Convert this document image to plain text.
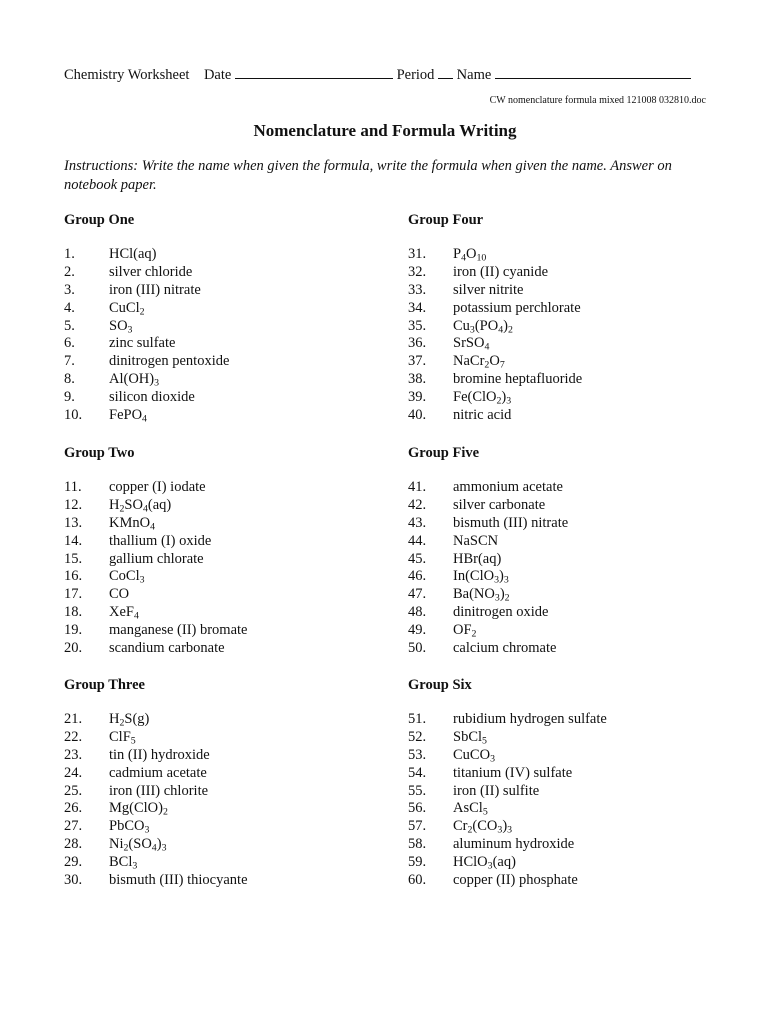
Chemistry Worksheet Date	Period Name
CW nomenclature formula mixed 121008 032810.doc
Nomenclature and Formula Writing
Instructions: Write the name when given the formula, write the formula when given the name. Answer on notebook paper.
Group One
1. HCl(aq)
2. silver chloride
3. iron (III) nitrate
4. CuCl$_2$
5. $SO_3$
6. zinc sulfate
7. dinitrogen pentoxide
8. $Al(OH)_3$
9. silicon dioxide
10. FePO$_4$
Group Two
11. copper (I) iodate
12. $H_2SO_4(aq)$
13. KMnO$_4$
14. thallium (I) oxide
15. gallium chlorate
16. CoCl$_3$
17. CO
18. XeF$_4$
19. manganese (II) bromate
20. scandium carbonate
Group Three
21. $H_2S(g)$
22. ClF$_5$
23. tin (II) hydroxide
24. cadmium acetate
25. iron (III) chlorite
26. $Mg(ClO)_2$
27. PbCO$_3$
28. $Ni_2(SO_4)_3$
29. BCl$_3$
30. bismuth (III) thiocyante
Group Four
31. $P_4O_{10}$
32. iron (II) cyanide
33. silver nitrite
34. potassium perchlorate
35. $Cu_3(PO_4)_2$
36. SrSO$_4$
37. $NaCr_2O_7$
38. bromine heptafluoride
39. $Fe(ClO_2)_3$
40. nitric acid
Group Five
41. ammonium acetate
42. silver carbonate
43. bismuth (III) nitrate
44. NaSCN
45. HBr(aq)
46. $In(ClO_3)_3$
47. $Ba(NO_3)_2$
48. dinitrogen oxide
49. $OF_2$
50. calcium chromate
Group Six
51. rubidium hydrogen sulfate
52. SbCl$_5$
53. CuCO$_3$
54. titanium (IV) sulfate
55. iron (II) sulfite
56. AsCl$_5$
57. $Cr_2(CO_3)_3$
58. aluminum hydroxide
59. HClO$_3$(aq)
60. copper (II) phosphate
